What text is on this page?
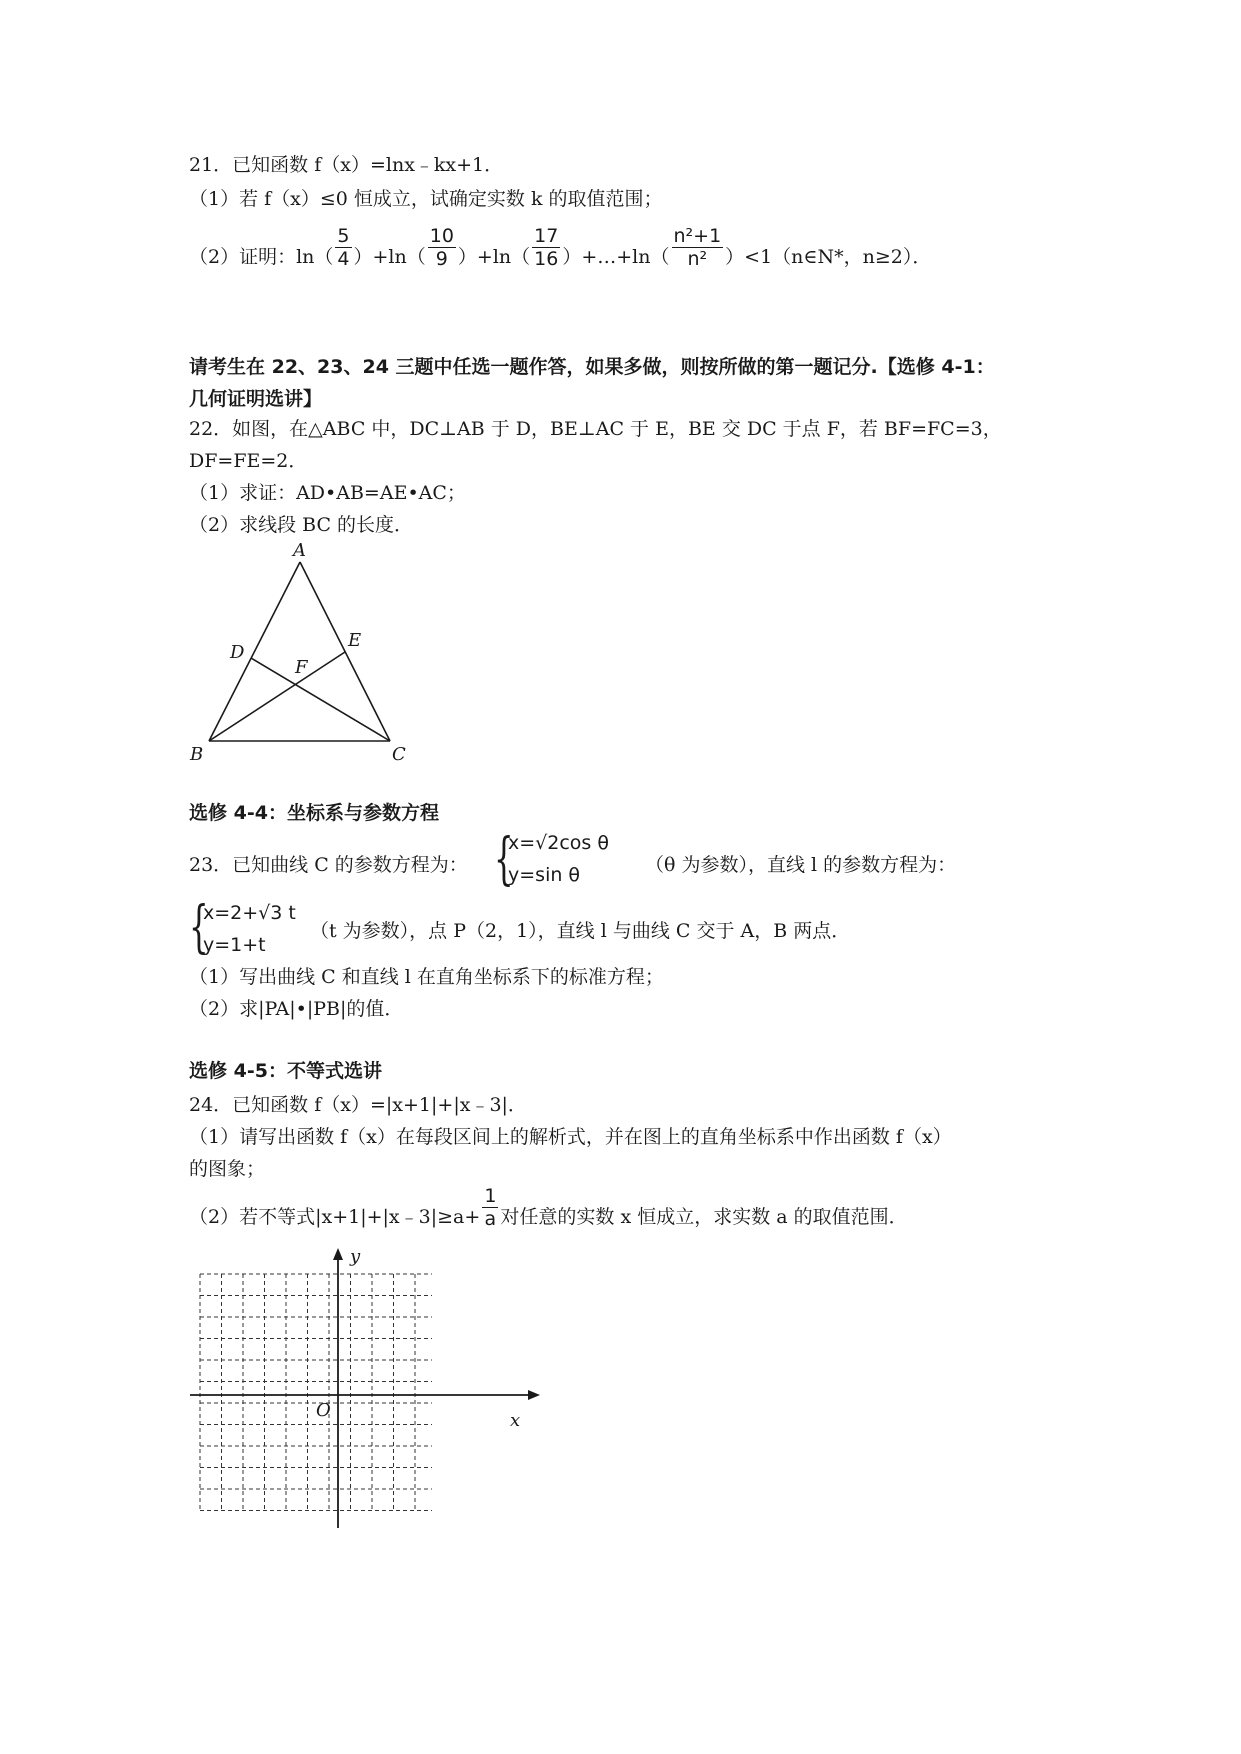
21．已知函数 f（x）=lnx﹣kx+1．
（1）若 f（x）≤0 恒成立，试确定实数 k 的取值范围；
（2）证明：$\ln( \frac{5}{4} )+\ln( \frac{10}{9} )+\ln( \frac{17}{16}$ ）+…+ln（ $\frac{\text{n²+1}}{\text{n²}}$ ）<1（n∈N*，n≥2）．
请考生在 22、23、24 三题中任选一题作答，如果多做，则按所做的第一题记分.【选修 4-1：
几何证明选讲】
22．如图，在△ABC 中，DC⊥AB 于 D，BE⊥AC 于 E，BE 交 DC 于点 F，若 BF=FC=3，
DF=FE=2．
（1）求证：AD•AB=AE•AC；
（2）求线段 BC 的长度．
A
B	C
D
E
F
选修 4-4：坐标系与参数方程
23．已知曲线 C 的参数方程为： {
x=√2cos θ
y=sin θ	（θ 为参数），直线 l 的参数方程为：
{
x=2+√3 t
y=1+t
（t 为参数），点 P（2，1），直线 l 与曲线 C 交于 A，B 两点．
（1）写出曲线 C 和直线 l 在直角坐标系下的标准方程；
（2）求|PA|•|PB|的值．
选修 4-5：不等式选讲
24．已知函数 f（x）=|x+1|+|x﹣3|．
（1）请写出函数 f（x）在每段区间上的解析式，并在图上的直角坐标系中作出函数 f（x）
的图象；
（2）若不等式|x+1|+|x﹣3|≥a+ $\frac{1}{a}$ 对任意的实数 x 恒成立，求实数 a 的取值范围．
y
x
O
